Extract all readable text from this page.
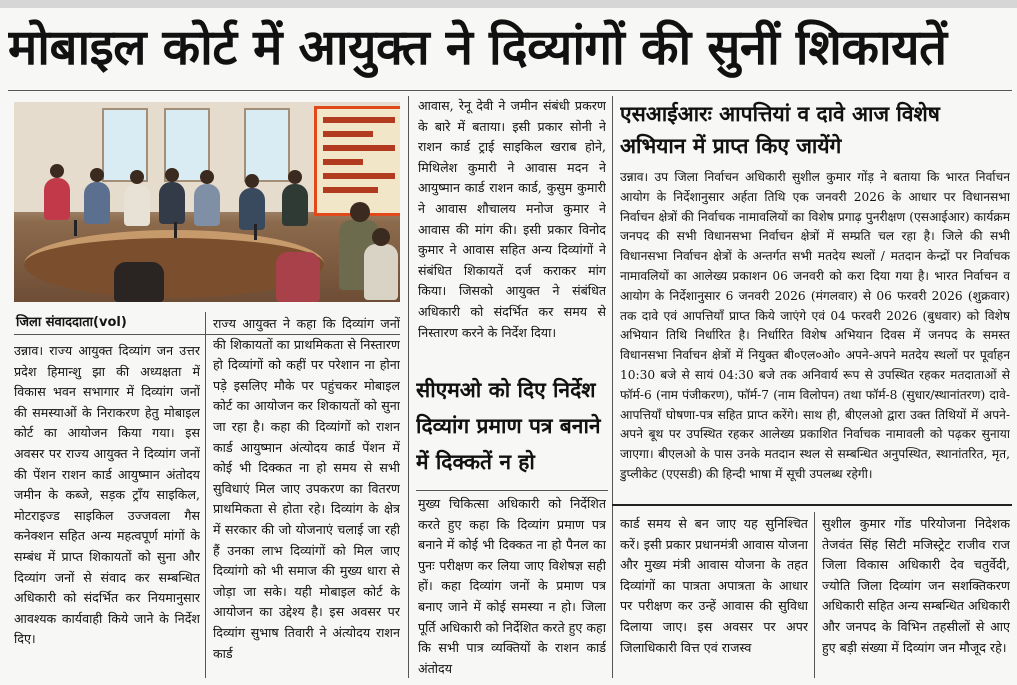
मोबाइल कोर्ट में आयुक्त ने दिव्यांगों की सुनीं शिकायतें
जिला संवाददाता(vol)
उन्नाव। राज्य आयुक्त दिव्यांग जन उत्तर प्रदेश हिमान्शु झा की अध्यक्षता में विकास भवन सभागार में दिव्यांग जनों की समस्याओं के निराकरण हेतु मोबाइल कोर्ट का आयोजन किया गया। इस अवसर पर राज्य आयुक्त ने दिव्यांग जनों की पेंशन राशन कार्ड आयुष्मान अंतोदय जमीन के कब्जे, सड़क ट्राँय साइकिल, मोटराइज्ड साइकिल उज्जवला गैस कनेक्शन सहित अन्य महत्वपूर्ण मांगों के सम्बंध में प्राप्त शिकायतों को सुना और दिव्यांग जनों से संवाद कर सम्बन्धित अधिकारी को संदर्भित कर नियमानुसार आवश्यक कार्यवाही किये जाने के निर्देश दिए।
राज्य आयुक्त ने कहा कि दिव्यांग जनों की शिकायतों का प्राथमिकता से निस्तारण हो दिव्यांगों को कहीं पर परेशान ना होना पड़े इसलिए मौके पर पहुंचकर मोबाइल कोर्ट का आयोजन कर शिकायतों को सुना जा रहा है। कहा की दिव्यांगों को राशन कार्ड आयुष्मान अंत्योदय कार्ड पेंशन में कोई भी दिक्कत ना हो समय से सभी सुविधाएं मिल जाए उपकरण का वितरण प्राथमिकता से होता रहे। दिव्यांग के क्षेत्र में सरकार की जो योजनाएं चलाई जा रही हैं उनका लाभ दिव्यांगों को मिल जाए दिव्यांगो को भी समाज की मुख्य धारा से जोड़ा जा सके। यही मोबाइल कोर्ट के आयोजन का उद्देश्य है। इस अवसर पर दिव्यांग सुभाष तिवारी ने अंत्योदय राशन कार्ड
आवास, रेनू देवी ने जमीन संबंधी प्रकरण के बारे में बताया। इसी प्रकार सोनी ने राशन कार्ड ट्राई साइकिल खराब होने, मिथिलेश कुमारी ने आवास मदन ने आयुष्मान कार्ड राशन कार्ड, कुसुम कुमारी ने आवास शौचालय मनोज कुमार ने आवास की मांग की। इसी प्रकार विनोद कुमार ने आवास सहित अन्य दिव्यांगों ने संबंधित शिकायतें दर्ज कराकर मांग किया। जिसको आयुक्त ने संबंधित अधिकारी को संदर्भित कर समय से निस्तारण करने के निर्देश दिया।
सीएमओ को दिए निर्देश दिव्यांग प्रमाण पत्र बनाने में दिक्कतें न हो
मुख्य चिकित्सा अधिकारी को निर्देशित करते हुए कहा कि दिव्यांग प्रमाण पत्र बनाने में कोई भी दिक्कत ना हो पैनल का पुनः परीक्षण कर लिया जाए विशेषज्ञ सही हों। कहा दिव्यांग जनों के प्रमाण पत्र बनाए जाने में कोई समस्या न हो। जिला पूर्ति अधिकारी को निर्देशित करते हुए कहा कि सभी पात्र व्यक्तियों के राशन कार्ड अंतोदय
एसआईआरः आपत्तियां व दावे आज विशेष अभियान में प्राप्त किए जायेंगे
उन्नाव। उप जिला निर्वाचन अधिकारी सुशील कुमार गोंड़ ने बताया कि भारत निर्वाचन आयोग के निर्देशानुसार अर्हता तिथि एक जनवरी 2026 के आधार पर विधानसभा निर्वाचन क्षेत्रों की निर्वाचक नामावलियों का विशेष प्रगाढ़ पुनरीक्षण (एसआईआर) कार्यक्रम जनपद की सभी विधानसभा निर्वाचन क्षेत्रों में सम्प्रति चल रहा है। जिले की सभी विधानसभा निर्वाचन क्षेत्रों के अन्तर्गत सभी मतदेय स्थलों / मतदान केन्द्रों पर निर्वाचक नामावलियों का आलेख्य प्रकाशन 06 जनवरी को करा दिया गया है। भारत निर्वाचन व आयोग के निर्देशानुसार 6 जनवरी 2026 (मंगलवार) से 06 फरवरी 2026 (शुक्रवार) तक दावे एवं आपत्तियाँ प्राप्त किये जाएंगे एवं 04 फरवरी 2026 (बुधवार) को विशेष अभियान तिथि निर्धारित है। निर्धारित विशेष अभियान दिवस में जनपद के समस्त विधानसभा निर्वाचन क्षेत्रों में नियुक्त बी०एल०ओ० अपने-अपने मतदेय स्थलों पर पूर्वाहन 10:30 बजे से सायं 04:30 बजे तक अनिवार्य रूप से उपस्थित रहकर मतदाताओं से फॉर्म-6 (नाम पंजीकरण), फॉर्म-7 (नाम विलोपन) तथा फॉर्म-8 (सुधार/स्थानांतरण) दावे-आपत्तियाँ घोषणा-पत्र सहित प्राप्त करेंगे। साथ ही, बीएलओ द्वारा उक्त तिथियों में अपने-अपने बूथ पर उपस्थित रहकर आलेख्य प्रकाशित निर्वाचक नामावली को पढ़कर सुनाया जाएगा। बीएलओ के पास उनके मतदान स्थल से सम्बन्धित अनुपस्थित, स्थानांतरित, मृत, डुप्लीकेट (एएसडी) की हिन्दी भाषा में सूची उपलब्ध रहेगी।
कार्ड समय से बन जाए यह सुनिश्चित करें। इसी प्रकार प्रधानमंत्री आवास योजना और मुख्य मंत्री आवास योजना के तहत दिव्यांगों का पात्रता अपात्रता के आधार पर परीक्षण कर उन्हें आवास की सुविधा दिलाया जाए। इस अवसर पर अपर जिलाधिकारी वित्त एवं राजस्व
सुशील कुमार गोंड परियोजना निदेशक तेजवंत सिंह सिटी मजिस्ट्रेट राजीव राज जिला विकास अधिकारी देव चतुर्वेदी, ज्योति जिला दिव्यांग जन सशक्तिकरण अधिकारी सहित अन्य सम्बन्धित अधिकारी और जनपद के विभिन तहसीलों से आए हुए बड़ी संख्या में दिव्यांग जन मौजूद रहे।
